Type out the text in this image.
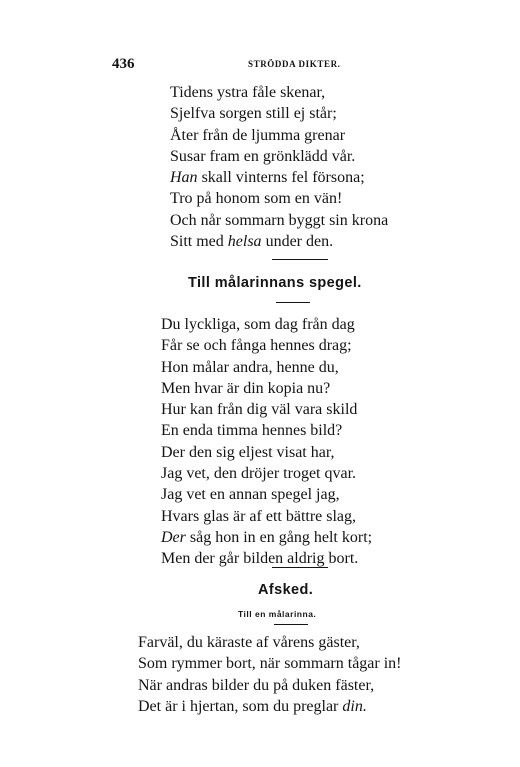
436	STRÖDDA DIKTER.
Tidens ystra fåle skenar,
Sjelfva sorgen still ej står;
Åter från de ljumma grenar
Susar fram en grönklädd vår.
Han skall vinterns fel försona;
Tro på honom som en vän!
Och når sommarn byggt sin krona
Sitt med helsa under den.
Till målarinnans spegel.
Du lyckliga, som dag från dag
Får se och fånga hennes drag;
Hon målar andra, henne du,
Men hvar är din kopia nu?
Hur kan från dig väl vara skild
En enda timma hennes bild?
Der den sig eljest visat har,
Jag vet, den dröjer troget qvar.
Jag vet en annan spegel jag,
Hvars glas är af ett bättre slag,
Der såg hon in en gång helt kort;
Men der går bilden aldrig bort.
Afsked.
Till en målarinna.
Farväl, du käraste af vårens gäster,
Som rymmer bort, när sommarn tågar in!
När andras bilder du på duken fäster,
Det är i hjertan, som du preglar din.
